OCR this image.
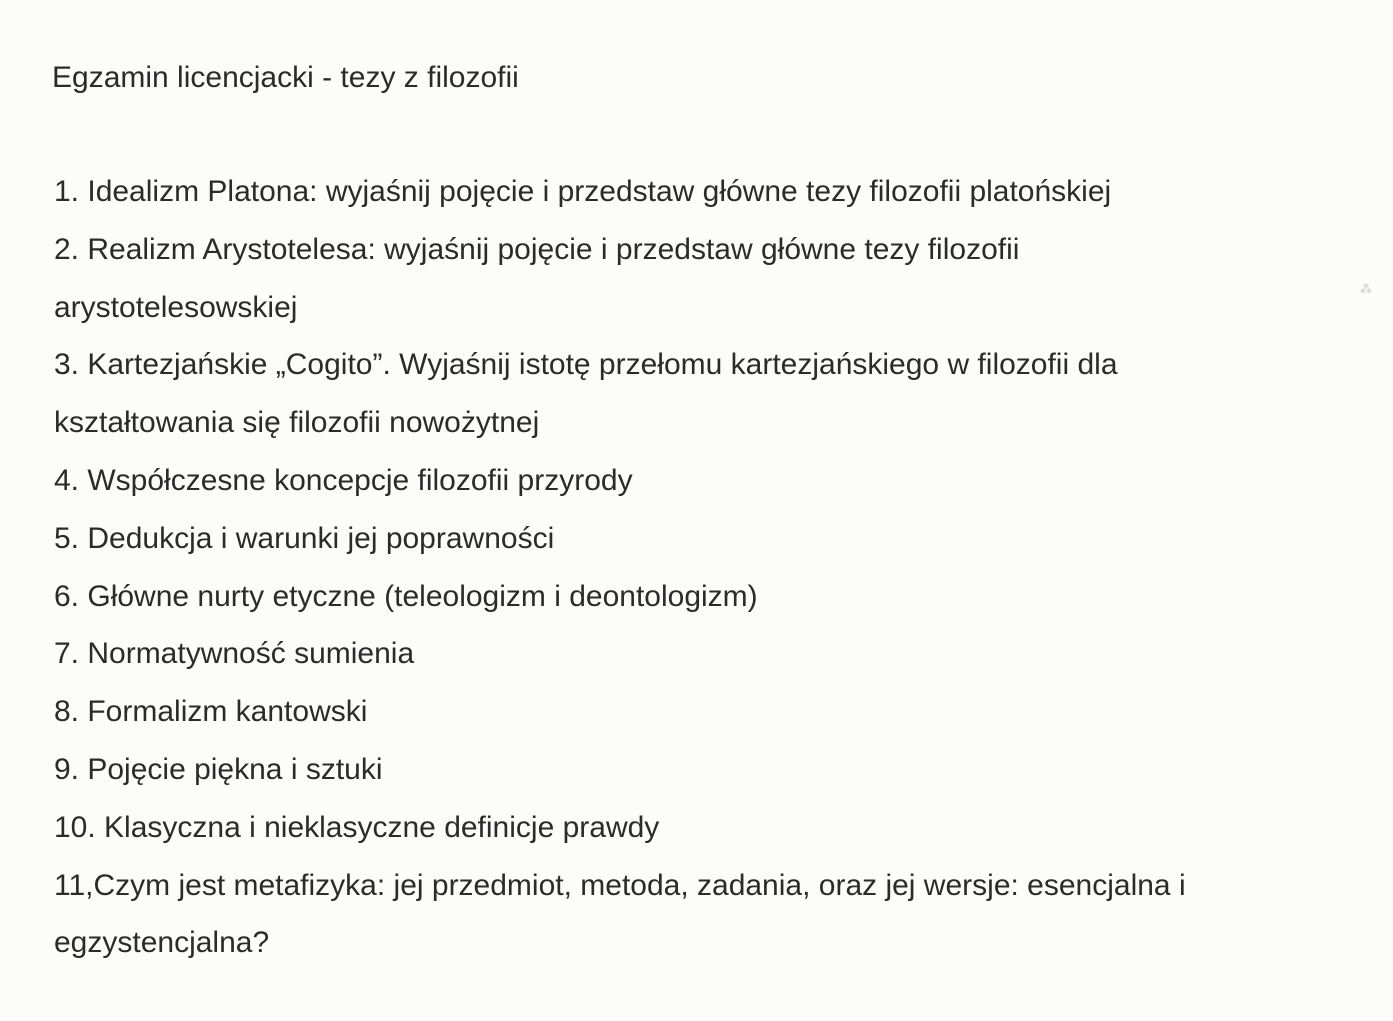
Egzamin licencjacki - tezy z filozofii
1. Idealizm Platona: wyjaśnij pojęcie i przedstaw główne tezy filozofii platońskiej
2. Realizm Arystotelesa: wyjaśnij pojęcie i przedstaw główne tezy filozofii
arystotelesowskiej
3. Kartezjańskie „Cogito”. Wyjaśnij istotę przełomu kartezjańskiego w filozofii dla
kształtowania się filozofii nowożytnej
4. Współczesne koncepcje filozofii przyrody
5. Dedukcja i warunki jej poprawności
6. Główne nurty etyczne (teleologizm i deontologizm)
7. Normatywność sumienia
8. Formalizm kantowski
9. Pojęcie piękna i sztuki
10. Klasyczna i nieklasyczne definicje prawdy
11,Czym jest metafizyka: jej przedmiot, metoda, zadania, oraz jej wersje: esencjalna i
egzystencjalna?
⁂
